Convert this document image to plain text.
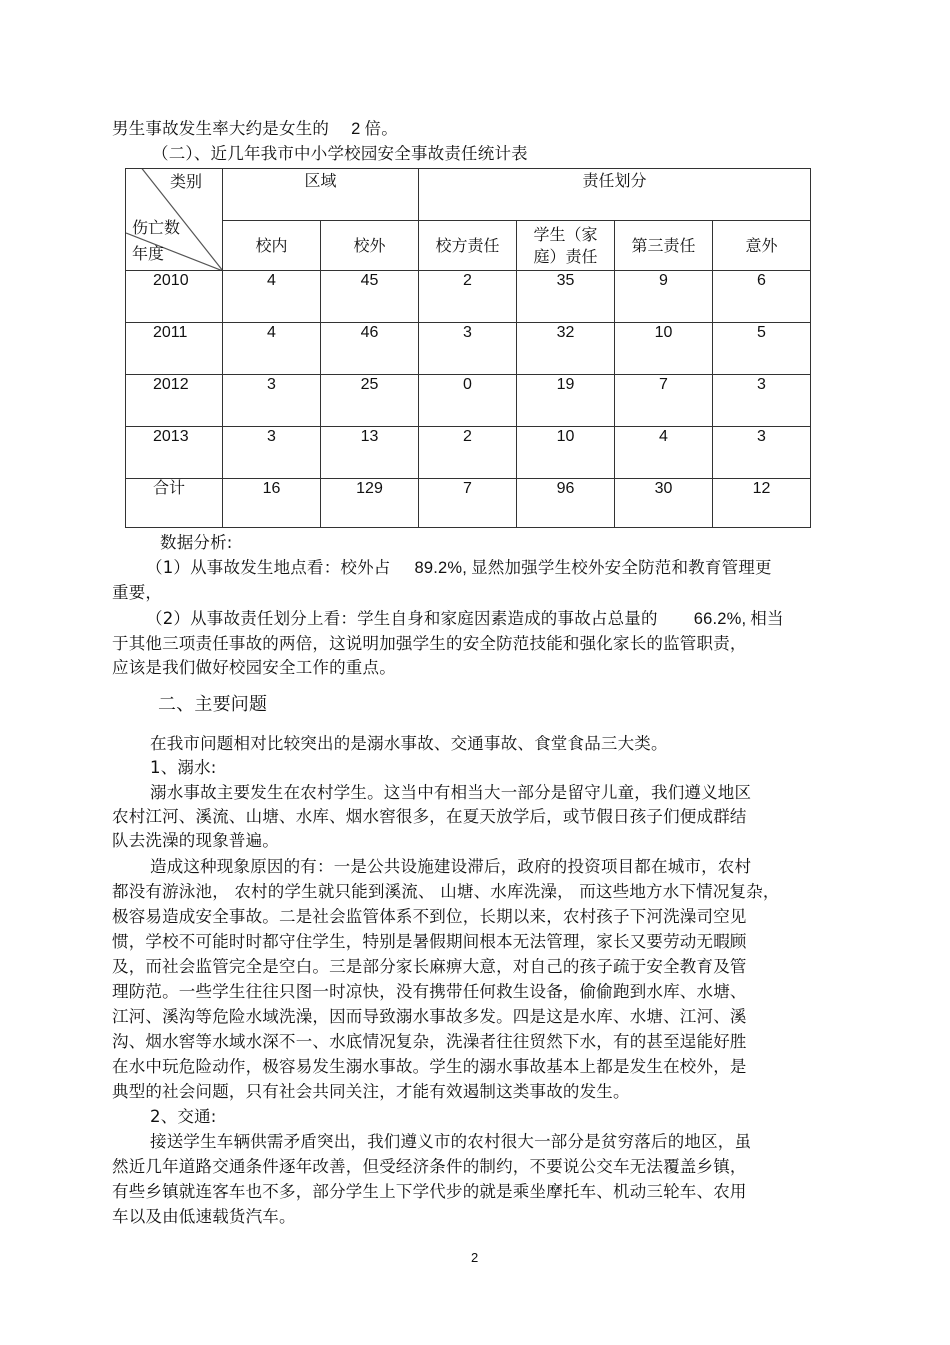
男生事故发生率大约是女生的 2 倍。
（二）、近几年我市中小学校园安全事故责任统计表
类别
伤亡数
年度	区域		责任划分			

	校内	校外	校方责任	学生（家
庭）责任	第三责任	意外
2010	4	45	2	35	9	6
2011	4	46	3	32	10	5
2012	3	25	0	19	7	3
2013	3	13	2	10	4	3
合计	16	129	7	96	30	12
数据分析:
（1）从事故发生地点看：校外占 89.2%, 显然加强学生校外安全防范和教育管理更
重要，
（2）从事故责任划分上看：学生自身和家庭因素造成的事故占总量的 66.2%, 相当
于其他三项责任事故的两倍，这说明加强学生的安全防范技能和强化家长的监管职责，
应该是我们做好校园安全工作的重点。
二、主要问题
在我市问题相对比较突出的是溺水事故、交通事故、食堂食品三大类。
1、溺水:
溺水事故主要发生在农村学生。这当中有相当大一部分是留守儿童，我们遵义地区
农村江河、溪流、山塘、水库、烟水窖很多，在夏天放学后，或节假日孩子们便成群结
队去洗澡的现象普遍。
造成这种现象原因的有：一是公共设施建设滞后，政府的投资项目都在城市，农村
都没有游泳池， 农村的学生就只能到溪流、 山塘、水库洗澡， 而这些地方水下情况复杂，
极容易造成安全事故。二是社会监管体系不到位，长期以来，农村孩子下河洗澡司空见
惯，学校不可能时时都守住学生，特别是暑假期间根本无法管理，家长又要劳动无暇顾
及，而社会监管完全是空白。三是部分家长麻痹大意，对自己的孩子疏于安全教育及管
理防范。一些学生往往只图一时凉快，没有携带任何救生设备，偷偷跑到水库、水塘、
江河、溪沟等危险水域洗澡，因而导致溺水事故多发。四是这是水库、水塘、江河、溪
沟、烟水窖等水域水深不一、水底情况复杂，洗澡者往往贸然下水，有的甚至逞能好胜
在水中玩危险动作，极容易发生溺水事故。学生的溺水事故基本上都是发生在校外，是
典型的社会问题，只有社会共同关注，才能有效遏制这类事故的发生。
2、交通:
接送学生车辆供需矛盾突出，我们遵义市的农村很大一部分是贫穷落后的地区，虽
然近几年道路交通条件逐年改善，但受经济条件的制约，不要说公交车无法覆盖乡镇，
有些乡镇就连客车也不多，部分学生上下学代步的就是乘坐摩托车、机动三轮车、农用
车以及由低速载货汽车。
2
